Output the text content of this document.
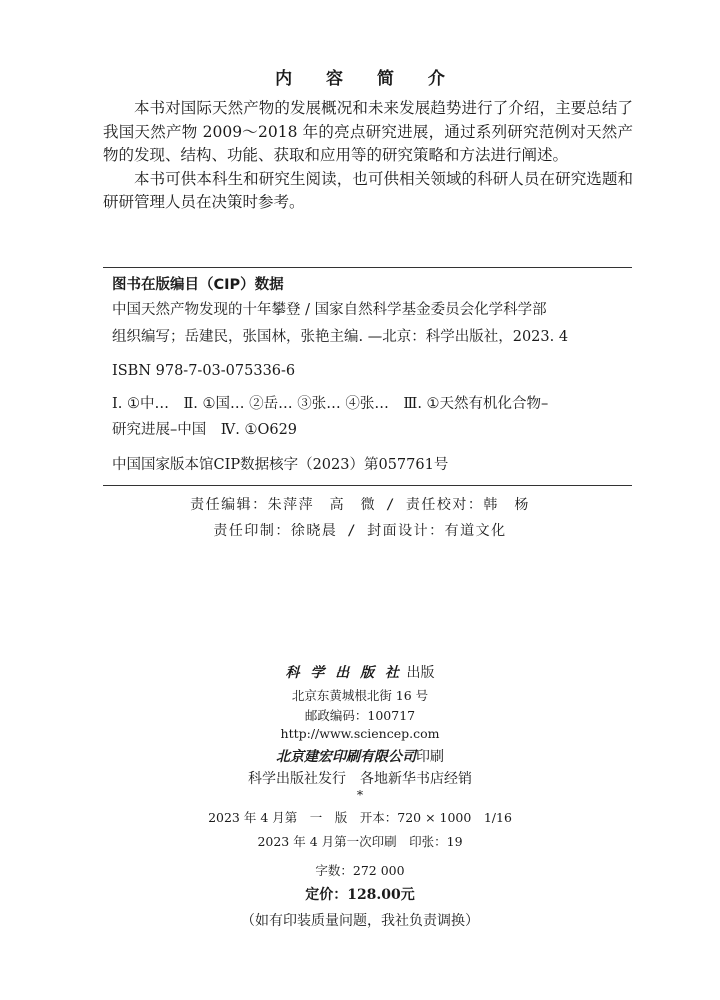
内 容 简 介

本书对国际天然产物的发展概况和未来发展趋势进行了介绍，主要总结了我国天然产物 2009～2018 年的亮点研究进展，通过系列研究范例对天然产物的发现、结构、功能、获取和应用等的研究策略和方法进行阐述。

本书可供本科生和研究生阅读，也可供相关领域的科研人员在研究选题和研研管理人员在决策时参考。

图书在版编目（CIP）数据
中国天然产物发现的十年攀登 / 国家自然科学基金委员会化学科学部
组织编写；岳建民，张国林，张艳主编. —北京：科学出版社，2023. 4
ISBN 978-7-03-075336-6
Ⅰ. ①中…　Ⅱ. ①国… ②岳… ③张… ④张…　Ⅲ. ①天然有机化合物–
研究进展–中国　Ⅳ. ①O629
中国国家版本馆CIP数据核字（2023）第057761号
责任编辑：朱萍萍　高　微 / 责任校对：韩　杨
责任印制：徐晓晨 / 封面设计：有道文化
科 学 出 版 社 出版
北京东黄城根北街 16 号
邮政编码：100717
http://www.sciencep.com
北京建宏印刷有限公司印刷
科学出版社发行　各地新华书店经销
*
2023 年 4 月第　一　版　开本：720 × 1000　1/16
2023 年 4 月第一次印刷　印张：19
字数：272 000
定价：128.00元
（如有印装质量问题，我社负责调换）
